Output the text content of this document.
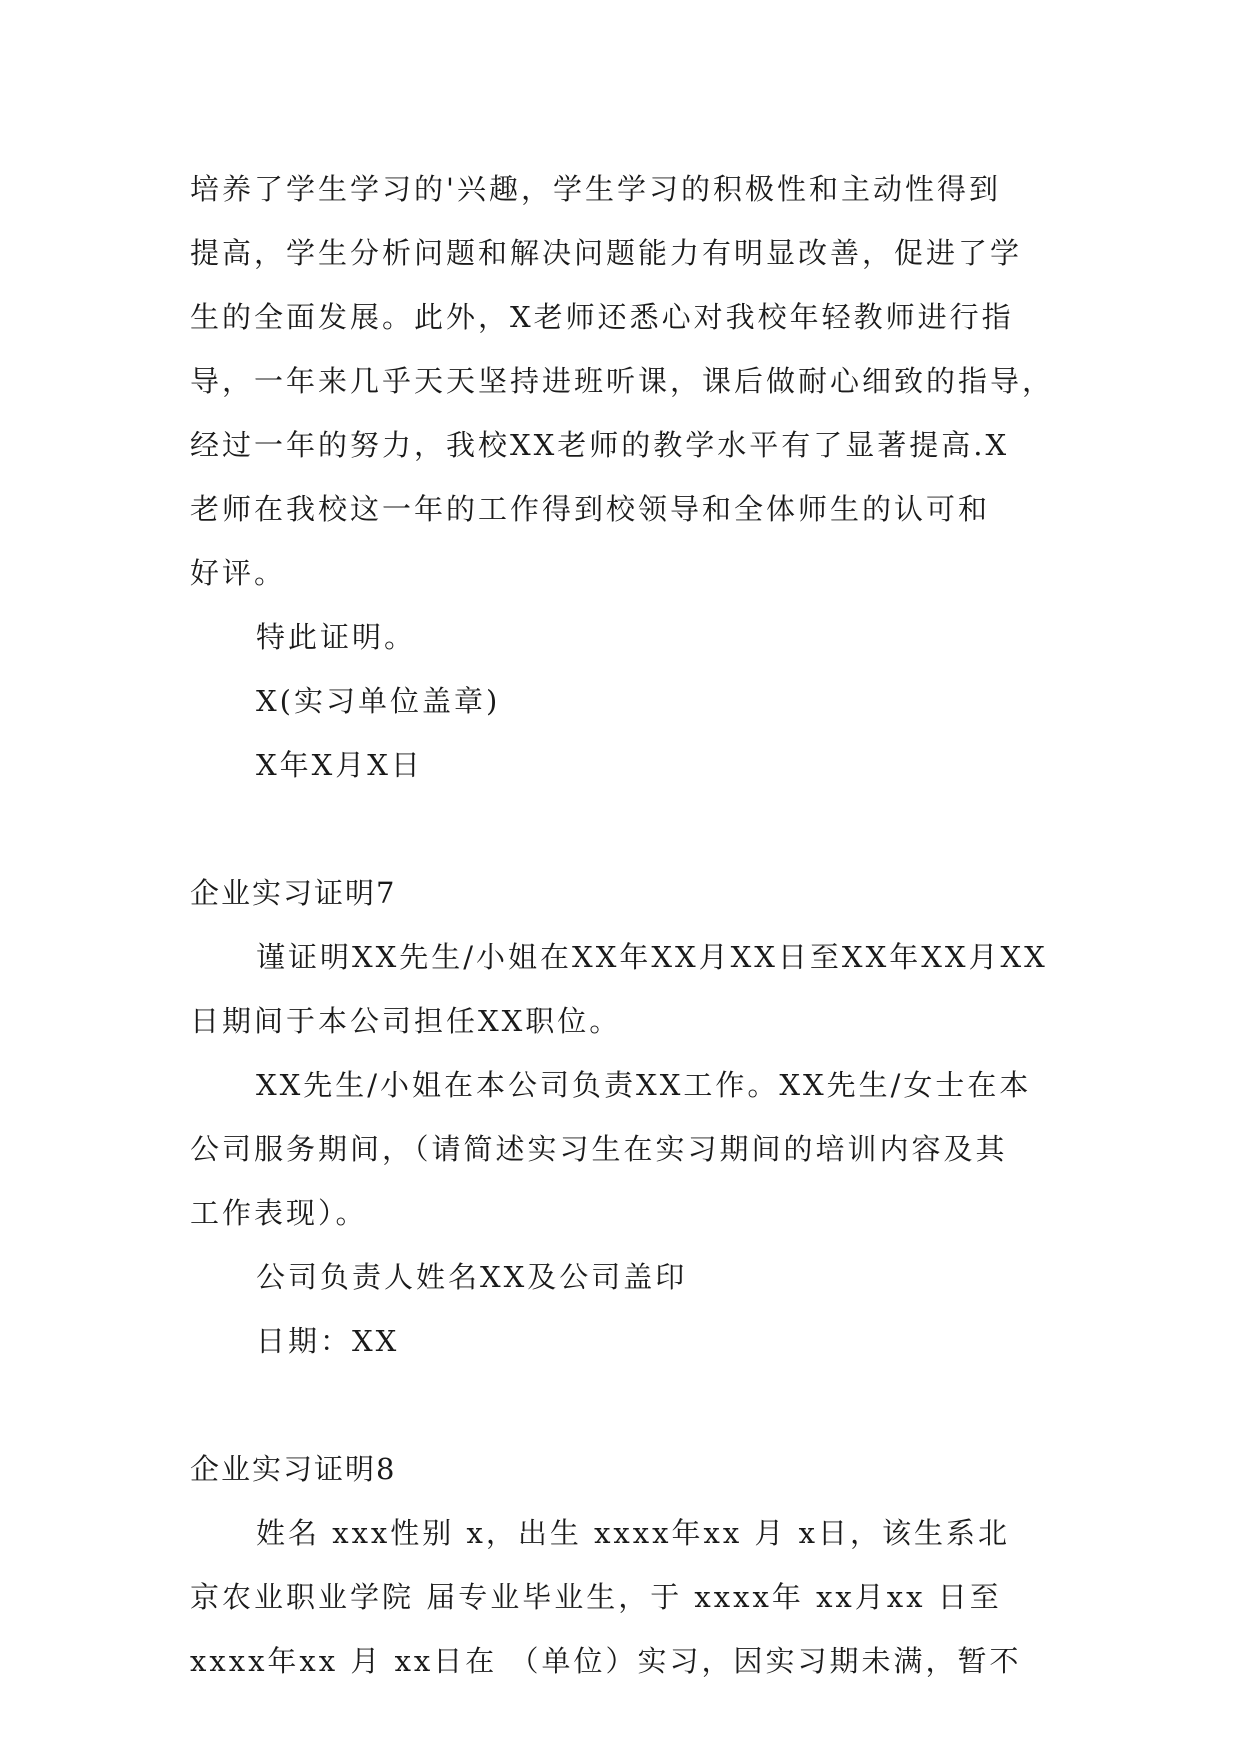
培养了学生学习的'兴趣，学生学习的积极性和主动性得到
提高，学生分析问题和解决问题能力有明显改善，促进了学
生的全面发展。此外，X老师还悉心对我校年轻教师进行指
导，一年来几乎天天坚持进班听课，课后做耐心细致的指导，
经过一年的努力，我校XX老师的教学水平有了显著提高.X
老师在我校这一年的工作得到校领导和全体师生的认可和
好评。
特此证明。
X(实习单位盖章)
X年X月X日
企业实习证明7
谨证明XX先生/小姐在XX年XX月XX日至XX年XX月XX
日期间于本公司担任XX职位。
XX先生/小姐在本公司负责XX工作。XX先生/女士在本
公司服务期间，（请简述实习生在实习期间的培训内容及其
工作表现）。
公司负责人姓名XX及公司盖印
日期：XX
企业实习证明8
姓名 xxx性别 x，出生 xxxx年xx 月 x日，该生系北
京农业职业学院 届专业毕业生，于 xxxx年 xx月xx 日至
xxxx年xx 月 xx日在 （单位）实习，因实习期未满，暂不
